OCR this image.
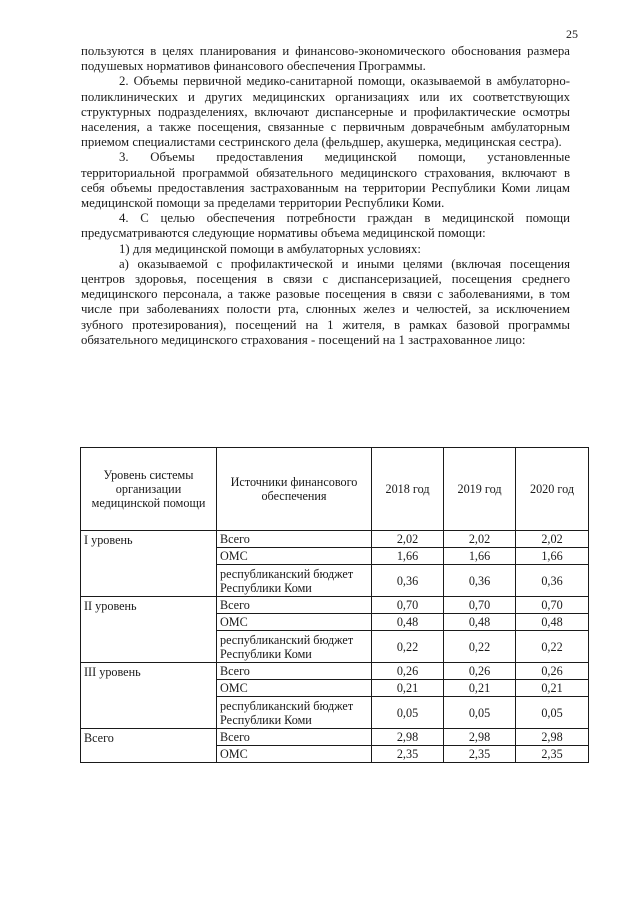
25

пользуются в целях планирования и финансово-экономического обоснования размера подушевых нормативов финансового обеспечения Программы.

2. Объемы первичной медико-санитарной помощи, оказываемой в амбулаторно-поликлинических и других медицинских организациях или их соответствующих структурных подразделениях, включают диспансерные и профилактические осмотры населения, а также посещения, связанные с первичным доврачебным амбулаторным приемом специалистами сестринского дела (фельдшер, акушерка, медицинская сестра).

3. Объемы предоставления медицинской помощи, установленные территориальной программой обязательного медицинского страхования, включают в себя объемы предоставления застрахованным на территории Республики Коми лицам медицинской помощи за пределами территории Республики Коми.

4. С целью обеспечения потребности граждан в медицинской помощи предусматриваются следующие нормативы объема медицинской помощи:

1) для медицинской помощи в амбулаторных условиях:

а) оказываемой с профилактической и иными целями (включая посещения центров здоровья, посещения в связи с диспансеризацией, посещения среднего медицинского персонала, а также разовые посещения в связи с заболеваниями, в том числе при заболеваниях полости рта, слюнных желез и челюстей, за исключением зубного протезирования), посещений на 1 жителя, в рамках базовой программы обязательного медицинского страхования - посещений на 1 застрахованное лицо:

Уровень системы организации медицинской помощи	Источники финансового обеспечения	2018 год	2019 год	2020 год
I уровень	Всего	2,02	2,02	2,02
	ОМС	1,66	1,66	1,66
	республиканский бюджет Республики Коми	0,36	0,36	0,36
II уровень	Всего	0,70	0,70	0,70
	ОМС	0,48	0,48	0,48
	республиканский бюджет Республики Коми	0,22	0,22	0,22
III уровень	Всего	0,26	0,26	0,26
	ОМС	0,21	0,21	0,21
	республиканский бюджет Республики Коми	0,05	0,05	0,05
Всего	Всего	2,98	2,98	2,98
	ОМС	2,35	2,35	2,35
